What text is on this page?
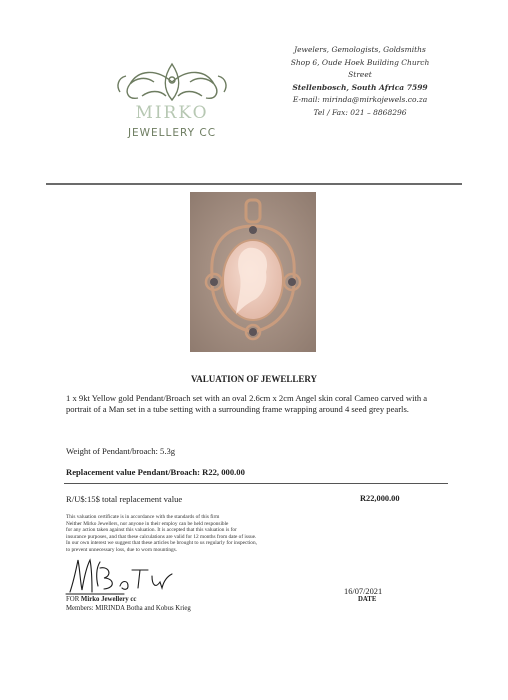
MIRKO
JEWELLERY CC
Jewelers, Gemologists, Goldsmiths
Shop 6, Oude Hoek Building Church
Street
Stellenbosch, South Africa 7599
E-mail: mirinda@mirkojewels.co.za
Tel / Fax: 021 – 8868296
VALUATION OF JEWELLERY
1 x 9kt Yellow gold Pendant/Broach set with an oval 2.6cm x 2cm Angel skin coral Cameo carved with a portrait of a Man set in a tube setting with a surrounding frame wrapping around 4 seed grey pearls.
Weight of Pendant/broach: 5.3g
Replacement value Pendant/Broach: R22, 000.00
R/U$:15$ total replacement value	R22,000.00
This valuation certificate is in accordance with the standards of this firm
Neither Mirko Jewellers, nor anyone in their employ can be held responsible
for any action taken against this valuation. It is accepted that this valuation is for
insurance purposes, and that these calculations are valid for 12 months from date of issue.
In our own interest we suggest that these articles be brought to us regularly for inspection,
to prevent unnecessary loss, due to worn mountings.
16/07/2021
DATE
FOR Mirko Jewellery cc
Members: MIRINDA Botha and Kobus Krieg
